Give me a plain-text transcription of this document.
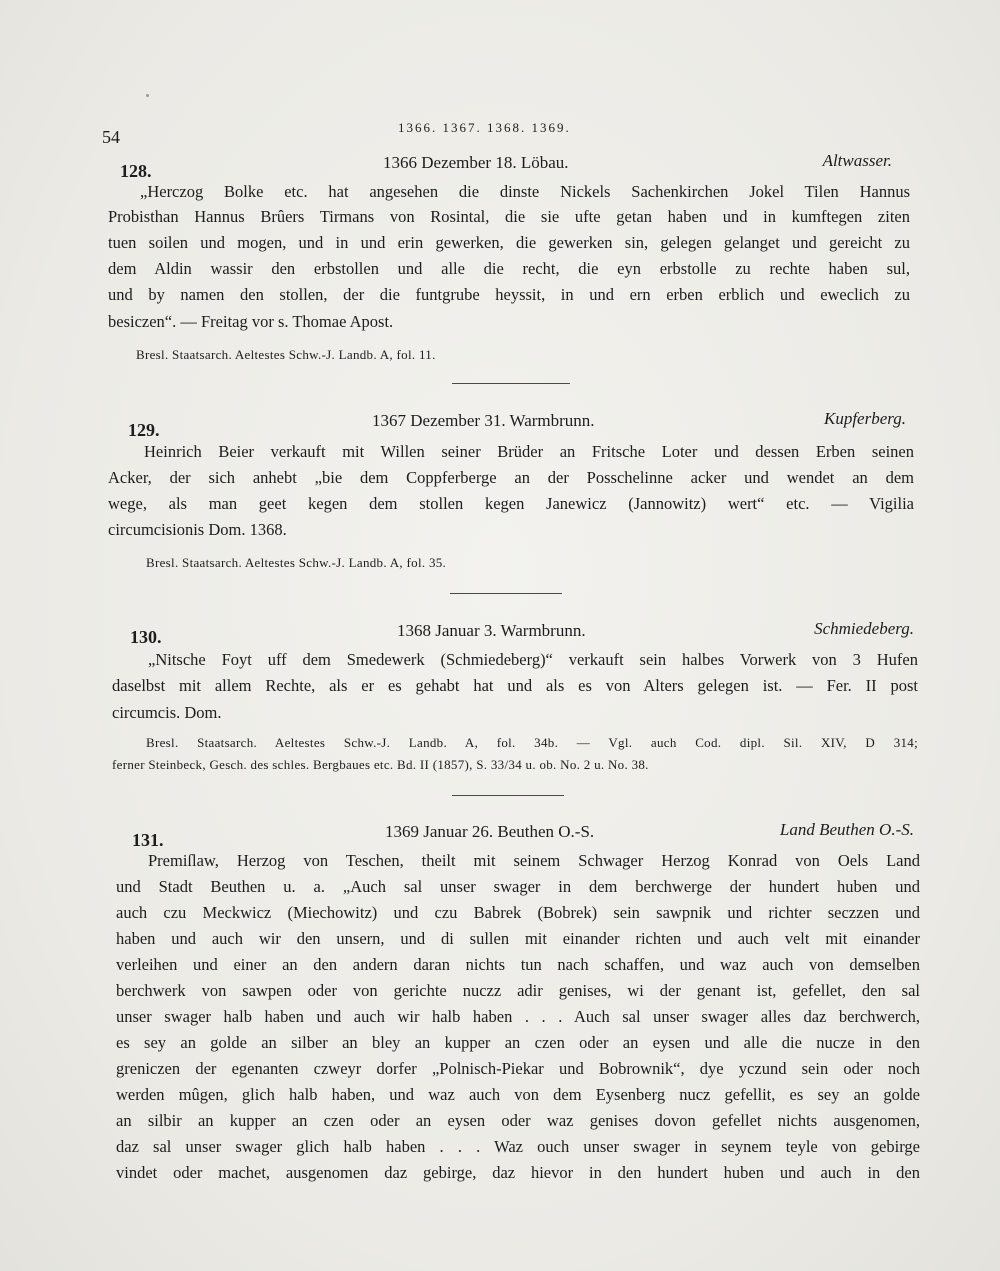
54	1366. 1367. 1368. 1369.
128.	1366 Dezember 18. Löbau.	Altwasser.
„Herczog Bolke etc. hat angesehen die dinste Nickels Sachenkirchen Jokel Tilen Hannus
Probisthan Hannus Brûers Tirmans von Rosintal, die sie ufte getan haben und in kumftegen ziten
tuen soilen und mogen, und in und erin gewerken, die gewerken sin, gelegen gelanget und gereicht zu
dem Aldin wassir den erbstollen und alle die recht, die eyn erbstolle zu rechte haben sul,
und by namen den stollen, der die funtgrube heyssit, in und ern erben erblich und eweclich zu
besiczen“. — Freitag vor s. Thomae Apost.
Bresl. Staatsarch. Aeltestes Schw.-J. Landb. A, fol. 11.
129.	1367 Dezember 31. Warmbrunn.	Kupferberg.
Heinrich Beier verkauft mit Willen seiner Brüder an Fritsche Loter und dessen Erben seinen
Acker, der sich anhebt „bie dem Coppferberge an der Posschelinne acker und wendet an dem
wege, als man geet kegen dem stollen kegen Janewicz (Jannowitz) wert“ etc. — Vigilia
circumcisionis Dom. 1368.
Bresl. Staatsarch. Aeltestes Schw.-J. Landb. A, fol. 35.
130.	1368 Januar 3. Warmbrunn.	Schmiedeberg.
„Nitsche Foyt uff dem Smedewerk (Schmiedeberg)“ verkauft sein halbes Vorwerk von 3 Hufen
daselbst mit allem Rechte, als er es gehabt hat und als es von Alters gelegen ist. — Fer. II post
circumcis. Dom.
Bresl. Staatsarch. Aeltestes Schw.-J. Landb. A, fol. 34b. — Vgl. auch Cod. dipl. Sil. XIV, D 314;
ferner Steinbeck, Gesch. des schles. Bergbaues etc. Bd. II (1857), S. 33/34 u. ob. No. 2 u. No. 38.
131.	1369 Januar 26. Beuthen O.-S.	Land Beuthen O.-S.
Premiſlaw, Herzog von Teschen, theilt mit seinem Schwager Herzog Konrad von Oels Land
und Stadt Beuthen u. a. „Auch sal unser swager in dem berchwerge der hundert huben und
auch czu Meckwicz (Miechowitz) und czu Babrek (Bobrek) sein sawpnik und richter seczzen und
haben und auch wir den unsern, und di sullen mit einander richten und auch velt mit einander
verleihen und einer an den andern daran nichts tun nach schaffen, und waz auch von demselben
berchwerk von sawpen oder von gerichte nuczz adir genises, wi der genant ist, gefellet, den sal
unser swager halb haben und auch wir halb haben . . . Auch sal unser swager alles daz berchwerch,
es sey an golde an silber an bley an kupper an czen oder an eysen und alle die nucze in den
greniczen der egenanten czweyr dorfer „Polnisch-Piekar und Bobrownik“, dye yczund sein oder noch
werden mûgen, glich halb haben, und waz auch von dem Eysenberg nucz gefellit, es sey an golde
an silbir an kupper an czen oder an eysen oder waz genises dovon gefellet nichts ausgenomen,
daz sal unser swager glich halb haben . . . Waz ouch unser swager in seynem teyle von gebirge
vindet oder machet, ausgenomen daz gebirge, daz hievor in den hundert huben und auch in den
